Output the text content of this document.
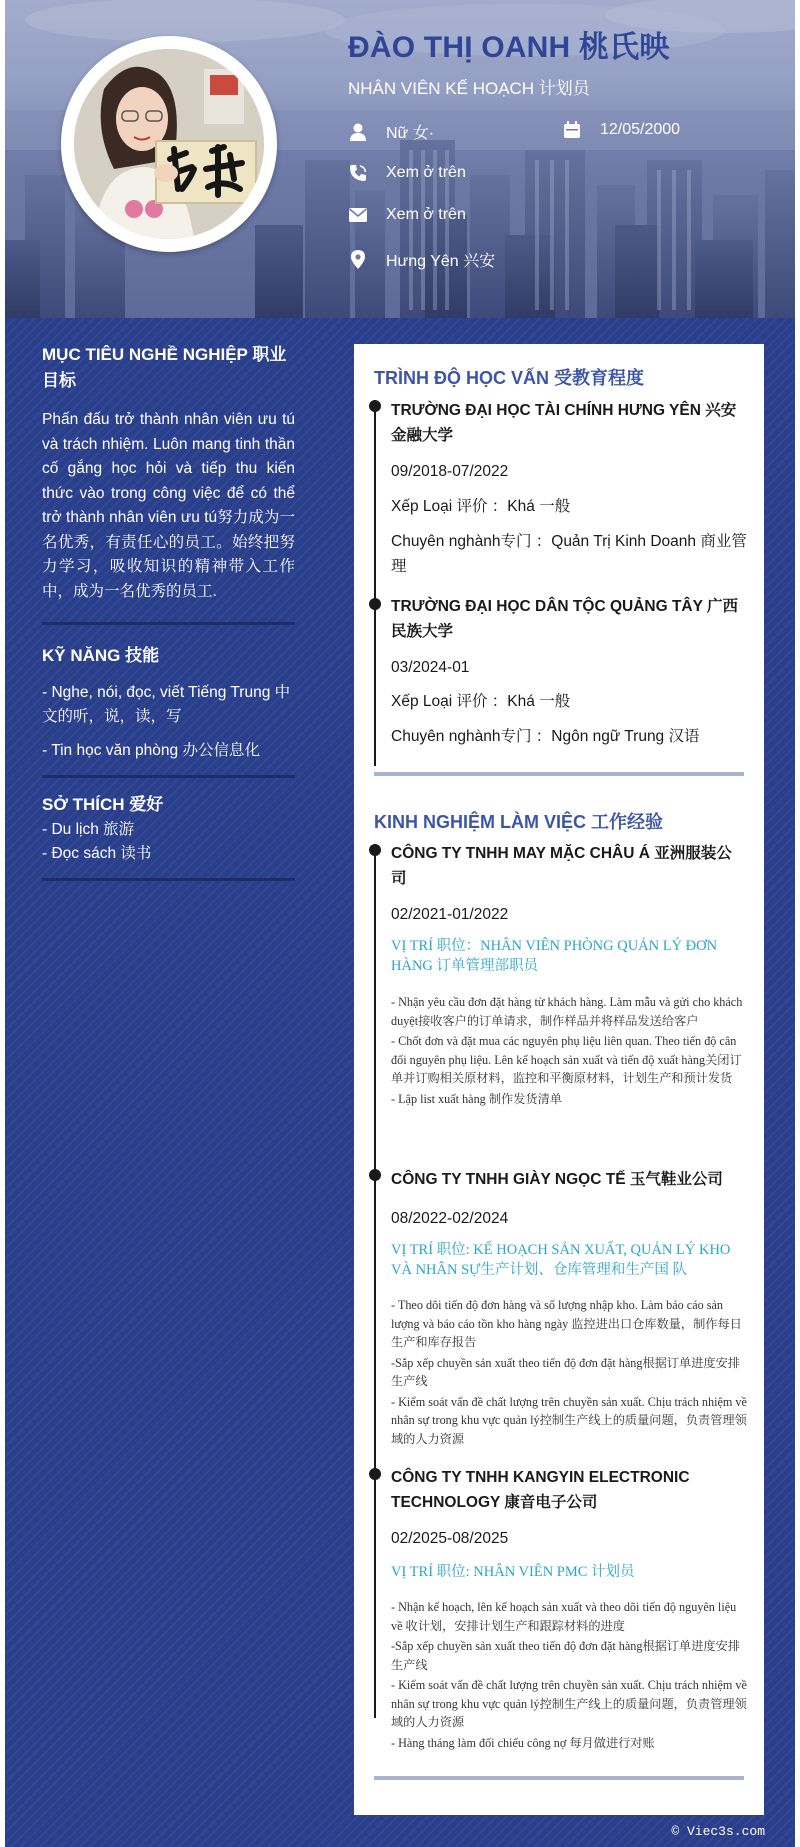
ĐÀO THỊ OANH 桃氏映

NHÂN VIÊN KẾ HOẠCH 计划员

Nữ 女·	12/05/2000
Xem ở trên
Xem ở trên
Hưng Yên 兴安
MỤC TIÊU NGHỀ NGHIỆP 职业目标

Phấn đấu trở thành nhân viên ưu tú và trách nhiệm. Luôn mang tinh thần cố gắng học hỏi và tiếp thu kiến thức vào trong công việc để có thể trở thành nhân viên ưu tú努力成为一名优秀，有责任心的员工。始终把努力学习，吸收知识的精神带入工作中，成为一名优秀的员工.

KỸ NĂNG 技能

- Nghe, nói, đọc, viết Tiếng Trung 中文的听，说，读，写

- Tin học văn phòng 办公信息化

SỞ THÍCH 爱好

- Du lịch 旅游

- Đọc sách 读书

TRÌNH ĐỘ HỌC VẤN 受教育程度

TRƯỜNG ĐẠI HỌC TÀI CHÍNH HƯNG YÊN 兴安金融大学

09/2018-07/2022

Xếp Loại 评价 ：Khá 一般

Chuyên nghành专门 ：Quản Trị Kinh Doanh 商业管理

TRƯỜNG ĐẠI HỌC DÂN TỘC QUẢNG TÂY 广西民族大学

03/2024-01

Xếp Loại 评价 ：Khá 一般

Chuyên nghành专门 ：Ngôn ngữ Trung 汉语

KINH NGHIỆM LÀM VIỆC 工作经验

CÔNG TY TNHH MAY MẶC CHÂU Á 亚洲服装公司

02/2021-01/2022

VỊ TRÍ 职位：NHÂN VIÊN PHÒNG QUẢN LÝ ĐƠN HÀNG 订单管理部职员

- Nhận yêu cầu đơn đặt hàng từ khách hàng. Làm mẫu và gửi cho khách duyệt接收客户的订单请求，制作样品并将样品发送给客户
- Chốt đơn và đặt mua các nguyên phụ liệu liên quan. Theo tiến độ cân đối nguyên phụ liệu. Lên kế hoạch sản xuất và tiến độ xuất hàng关闭订单并订购相关原材料，监控和平衡原材料，计划生产和预计发货
- Lập list xuất hàng 制作发货清单

CÔNG TY TNHH GIÀY NGỌC TẾ 玉气鞋业公司

08/2022-02/2024

VỊ TRÍ 职位: KẾ HOẠCH SẢN XUẤT, QUẢN LÝ KHO VÀ NHÂN SỰ生产计划、仓库管理和生产国 队

- Theo dõi tiến độ đơn hàng và số lượng nhập kho. Làm báo cáo sản lượng và báo cáo tồn kho hàng ngày 监控进出口仓库数量，制作每日生产和库存报告
-Sắp xếp chuyền sản xuất theo tiến độ đơn đặt hàng根据订单进度安排生产线
- Kiểm soát vấn đề chất lượng trên chuyền sản xuất. Chịu trách nhiệm về nhân sự trong khu vực quản lý控制生产线上的质量问题，负责管理领域的人力资源

CÔNG TY TNHH KANGYIN ELECTRONIC TECHNOLOGY 康音电子公司

02/2025-08/2025

VỊ TRÍ 职位: NHÂN VIÊN PMC 计划员

- Nhận kế hoạch, lên kế hoạch sản xuất và theo dõi tiến độ nguyên liệu về 收计划，安排计划生产和跟踪材料的进度
-Sắp xếp chuyền sản xuất theo tiến độ đơn đặt hàng根据订单进度安排生产线
- Kiểm soát vấn đề chất lượng trên chuyền sản xuất. Chịu trách nhiệm về nhân sự trong khu vực quản lý控制生产线上的质量问题，负责管理领域的人力资源
- Hàng tháng làm đối chiếu công nợ 每月做进行对账
© Viec3s.com
